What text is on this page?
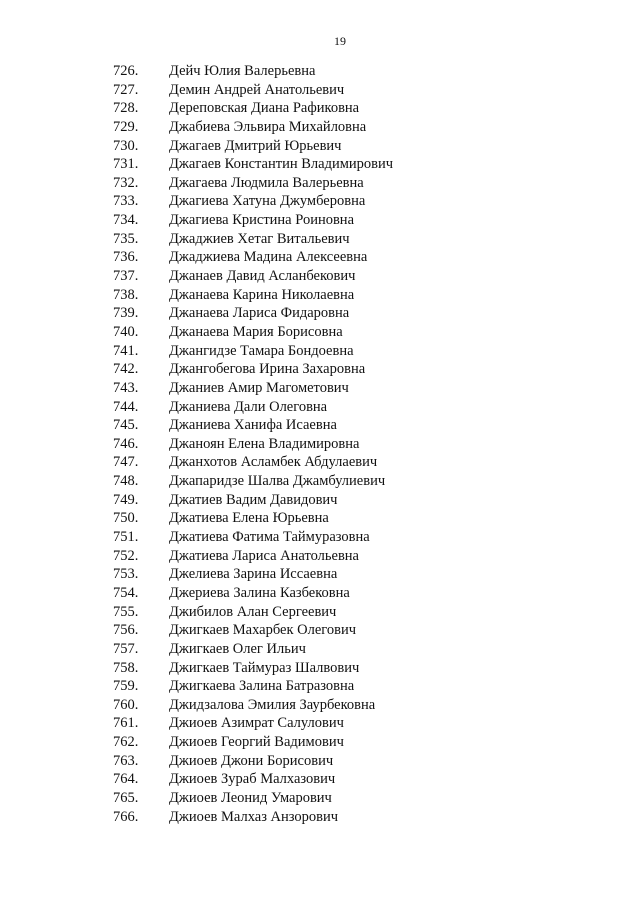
19
726.	Дейч Юлия Валерьевна
727.	Демин Андрей Анатольевич
728.	Дереповская Диана Рафиковна
729.	Джабиева Эльвира Михайловна
730.	Джагаев Дмитрий Юрьевич
731.	Джагаев Константин Владимирович
732.	Джагаева Людмила Валерьевна
733.	Джагиева Хатуна Джумберовна
734.	Джагиева Кристина Роиновна
735.	Джаджиев Хетаг Витальевич
736.	Джаджиева Мадина Алексеевна
737.	Джанаев Давид Асланбекович
738.	Джанаева Карина Николаевна
739.	Джанаева Лариса Фидаровна
740.	Джанаева Мария Борисовна
741.	Джангидзе Тамара Бондоевна
742.	Джангобегова Ирина Захаровна
743.	Джаниев Амир Магометович
744.	Джаниева Дали Олеговна
745.	Джаниева Ханифа Исаевна
746.	Джаноян Елена Владимировна
747.	Джанхотов Асламбек Абдулаевич
748.	Джапаридзе Шалва Джамбулиевич
749.	Джатиев Вадим Давидович
750.	Джатиева Елена Юрьевна
751.	Джатиева Фатима Таймуразовна
752.	Джатиева Лариса Анатольевна
753.	Джелиева Зарина Иссаевна
754.	Джериева Залина Казбековна
755.	Джибилов Алан Сергеевич
756.	Джигкаев Махарбек Олегович
757.	Джигкаев Олег Ильич
758.	Джигкаев Таймураз Шалвович
759.	Джигкаева Залина Батразовна
760.	Джидзалова Эмилия Заурбековна
761.	Джиоев Азимрат Салулович
762.	Джиоев Георгий Вадимович
763.	Джиоев Джони Борисович
764.	Джиоев Зураб Малхазович
765.	Джиоев Леонид Умарович
766.	Джиоев Малхаз Анзорович
